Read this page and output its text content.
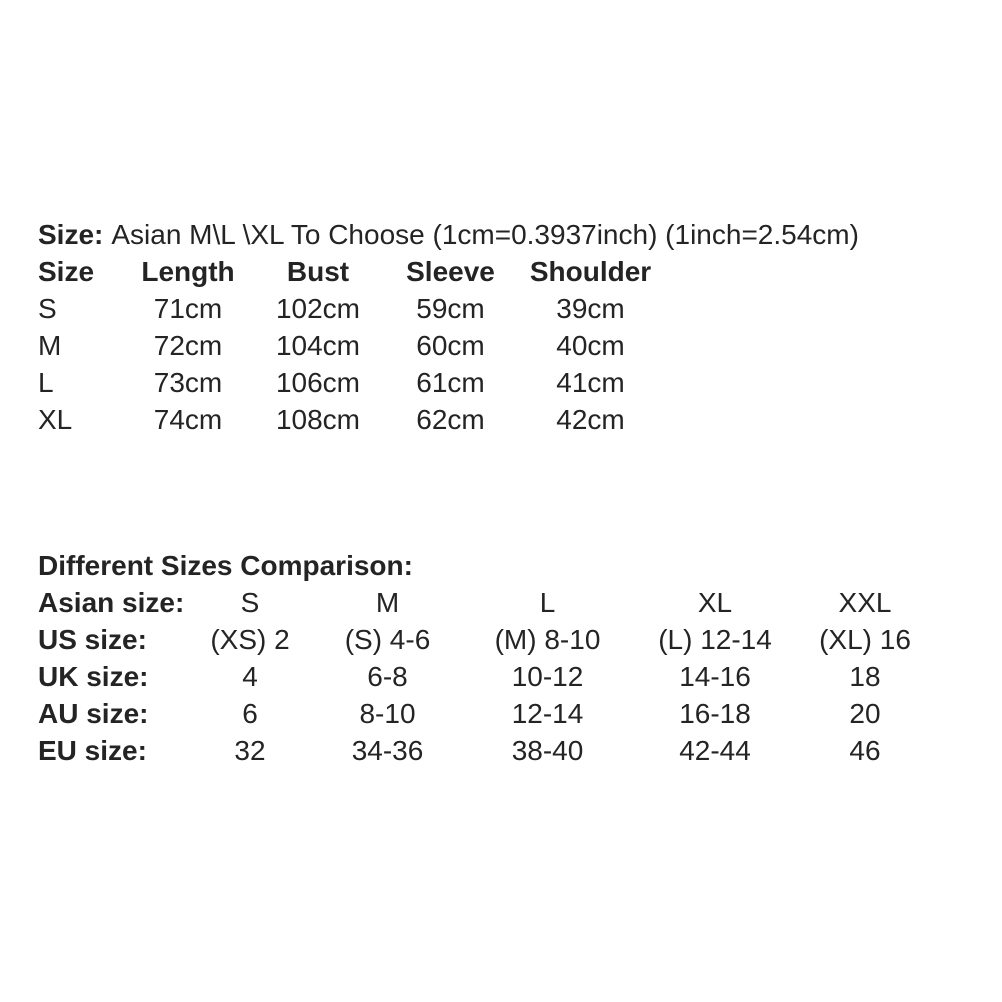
Size: Asian M\L \XL To Choose (1cm=0.3937inch) (1inch=2.54cm)

Size	Length	Bust	Sleeve	Shoulder
S	71cm	102cm	59cm	39cm
M	72cm	104cm	60cm	40cm
L	73cm	106cm	61cm	41cm
XL	74cm	108cm	62cm	42cm

Different Sizes Comparison:

Asian size:	S	M	L	XL	XXL
US size:	(XS) 2	(S) 4-6	(M) 8-10	(L) 12-14	(XL) 16
UK size:	4	6-8	10-12	14-16	18
AU size:	6	8-10	12-14	16-18	20
EU size:	32	34-36	38-40	42-44	46
